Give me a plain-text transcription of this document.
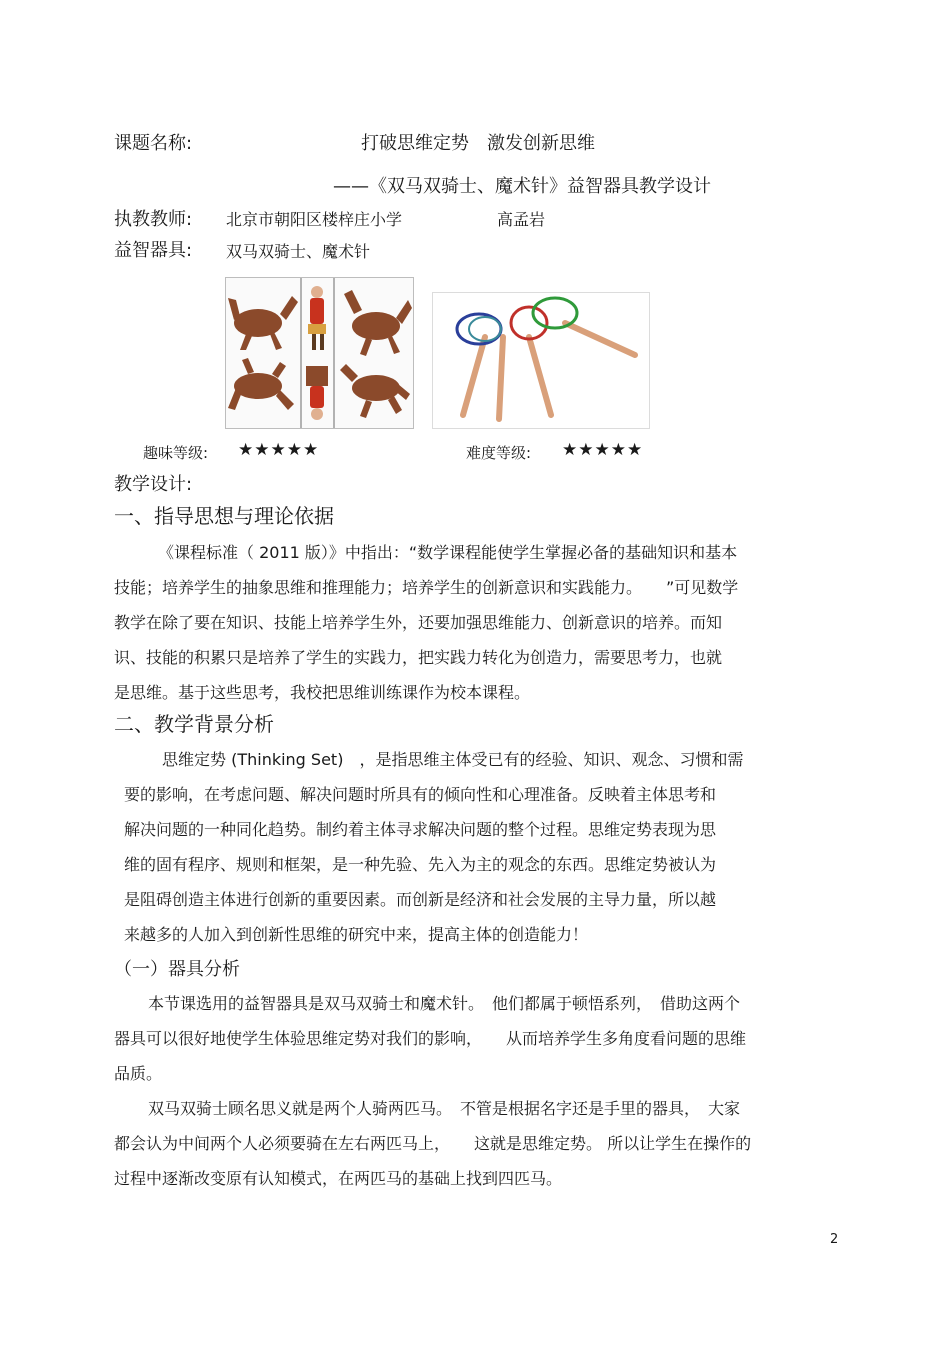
课题名称:	打破思维定势　激发创新思维
——《双马双骑士、魔术针》益智器具教学设计
执教教师: 北京市朝阳区楼梓庄小学	高孟岩
益智器具: 双马双骑士、魔术针
趣味等级: ★★★★★	难度等级: ★★★★★
教学设计:
一、指导思想与理论依据
《课程标准（ 2011 版）》中指出：“数学课程能使学生掌握必备的基础知识和基本
技能；培养学生的抽象思维和推理能力；培养学生的创新意识和实践能力。　　”可见数学
教学在除了要在知识、技能上培养学生外，还要加强思维能力、创新意识的培养。而知
识、技能的积累只是培养了学生的实践力，把实践力转化为创造力，需要思考力，也就
是思维。基于这些思考，我校把思维训练课作为校本课程。
二、教学背景分析
思维定势 (Thinking Set)　，是指思维主体受已有的经验、知识、观念、习惯和需
要的影响，在考虑问题、解决问题时所具有的倾向性和心理准备。反映着主体思考和
解决问题的一种同化趋势。制约着主体寻求解决问题的整个过程。思维定势表现为思
维的固有程序、规则和框架，是一种先验、先入为主的观念的东西。思维定势被认为
是阻碍创造主体进行创新的重要因素。而创新是经济和社会发展的主导力量，所以越
来越多的人加入到创新性思维的研究中来，提高主体的创造能力！
（一）器具分析
本节课选用的益智器具是双马双骑士和魔术针。　他们都属于顿悟系列，　借助这两个
器具可以很好地使学生体验思维定势对我们的影响，　　从而培养学生多角度看问题的思维
品质。
双马双骑士顾名思义就是两个人骑两匹马。　不管是根据名字还是手里的器具，　大家
都会认为中间两个人必须要骑在左右两匹马上，　　这就是思维定势。 所以让学生在操作的
过程中逐渐改变原有认知模式，在两匹马的基础上找到四匹马。
2
